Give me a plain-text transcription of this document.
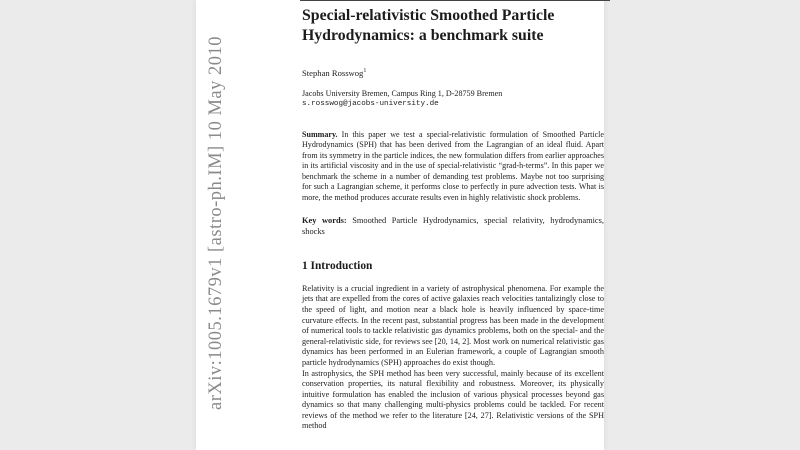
arXiv:1005.1679v1 [astro-ph.IM] 10 May 2010
Special-relativistic Smoothed Particle Hydrodynamics: a benchmark suite
Stephan Rosswog$^1$
Jacobs University Bremen, Campus Ring 1, D-28759 Bremen
s.rosswog@jacobs-university.de
Summary. In this paper we test a special-relativistic formulation of Smoothed Particle Hydrodynamics (SPH) that has been derived from the Lagrangian of an ideal fluid. Apart from its symmetry in the particle indices, the new formulation differs from earlier approaches in its artificial viscosity and in the use of special-relativistic “grad-h-terms”. In this paper we benchmark the scheme in a number of demanding test problems. Maybe not too surprising for such a Lagrangian scheme, it performs close to perfectly in pure advection tests. What is more, the method produces accurate results even in highly relativistic shock problems.
Key words: Smoothed Particle Hydrodynamics, special relativity, hydrodynamics, shocks
1 Introduction

Relativity is a crucial ingredient in a variety of astrophysical phenomena. For example the jets that are expelled from the cores of active galaxies reach velocities tantalizingly close to the speed of light, and motion near a black hole is heavily influenced by space-time curvature effects. In the recent past, substantial progress has been made in the development of numerical tools to tackle relativistic gas dynamics problems, both on the special- and the general-relativistic side, for reviews see [20, 14, 2]. Most work on numerical relativistic gas dynamics has been performed in an Eulerian framework, a couple of Lagrangian smooth particle hydrodynamics (SPH) approaches do exist though.

In astrophysics, the SPH method has been very successful, mainly because of its excellent conservation properties, its natural flexibility and robustness. Moreover, its physically intuitive formulation has enabled the inclusion of various physical processes beyond gas dynamics so that many challenging multi-physics problems could be tackled. For recent reviews of the method we refer to the literature [24, 27]. Relativistic versions of the SPH method
